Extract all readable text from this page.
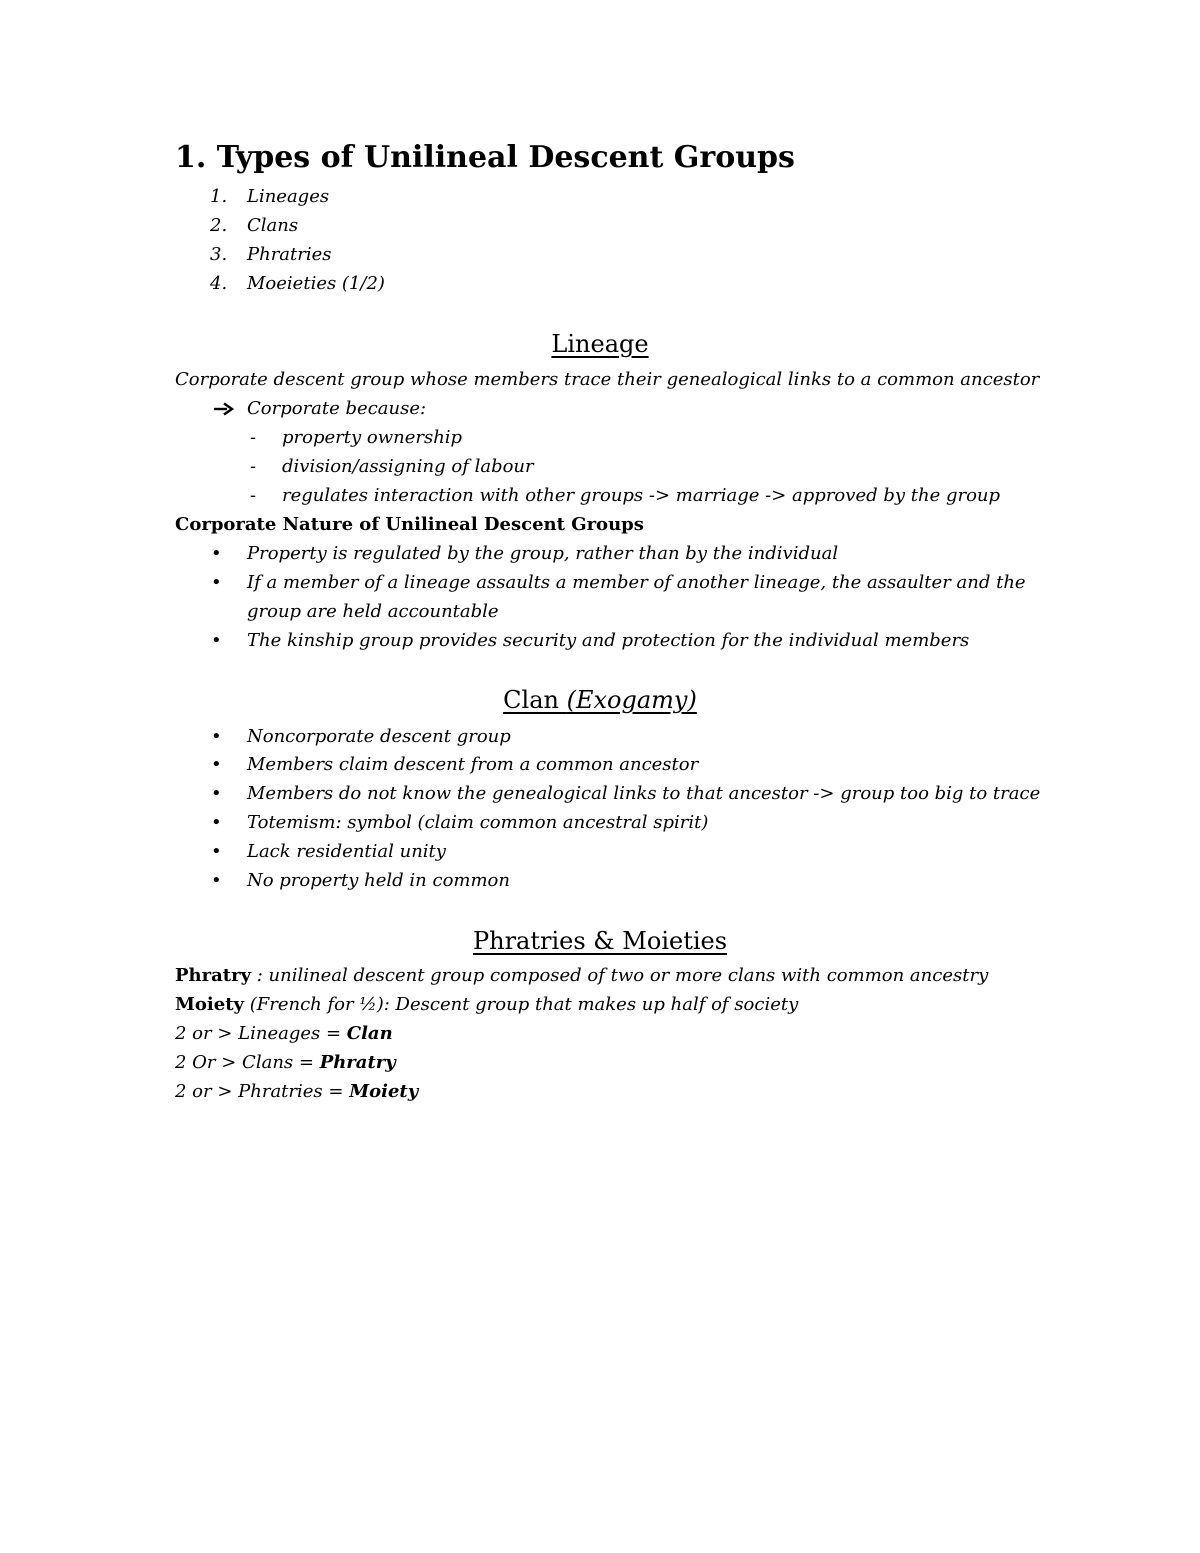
1. Types of Unilineal Descent Groups
1. Lineages
2. Clans
3. Phratries
4. Moeieties (1/2)
Lineage
Corporate descent group whose members trace their genealogical links to a common ancestor
Corporate because:
- property ownership
- division/assigning of labour
- regulates interaction with other groups -> marriage -> approved by the group
Corporate Nature of Unilineal Descent Groups
• Property is regulated by the group, rather than by the individual
• If a member of a lineage assaults a member of another lineage, the assaulter and the
group are held accountable
• The kinship group provides security and protection for the individual members
Clan (Exogamy)
• Noncorporate descent group
• Members claim descent from a common ancestor
• Members do not know the genealogical links to that ancestor -> group too big to trace
• Totemism: symbol (claim common ancestral spirit)
• Lack residential unity
• No property held in common
Phratries & Moieties
Phratry : unilineal descent group composed of two or more clans with common ancestry
Moiety (French for ½): Descent group that makes up half of society
2 or > Lineages = Clan
2 Or > Clans = Phratry
2 or > Phratries = Moiety
